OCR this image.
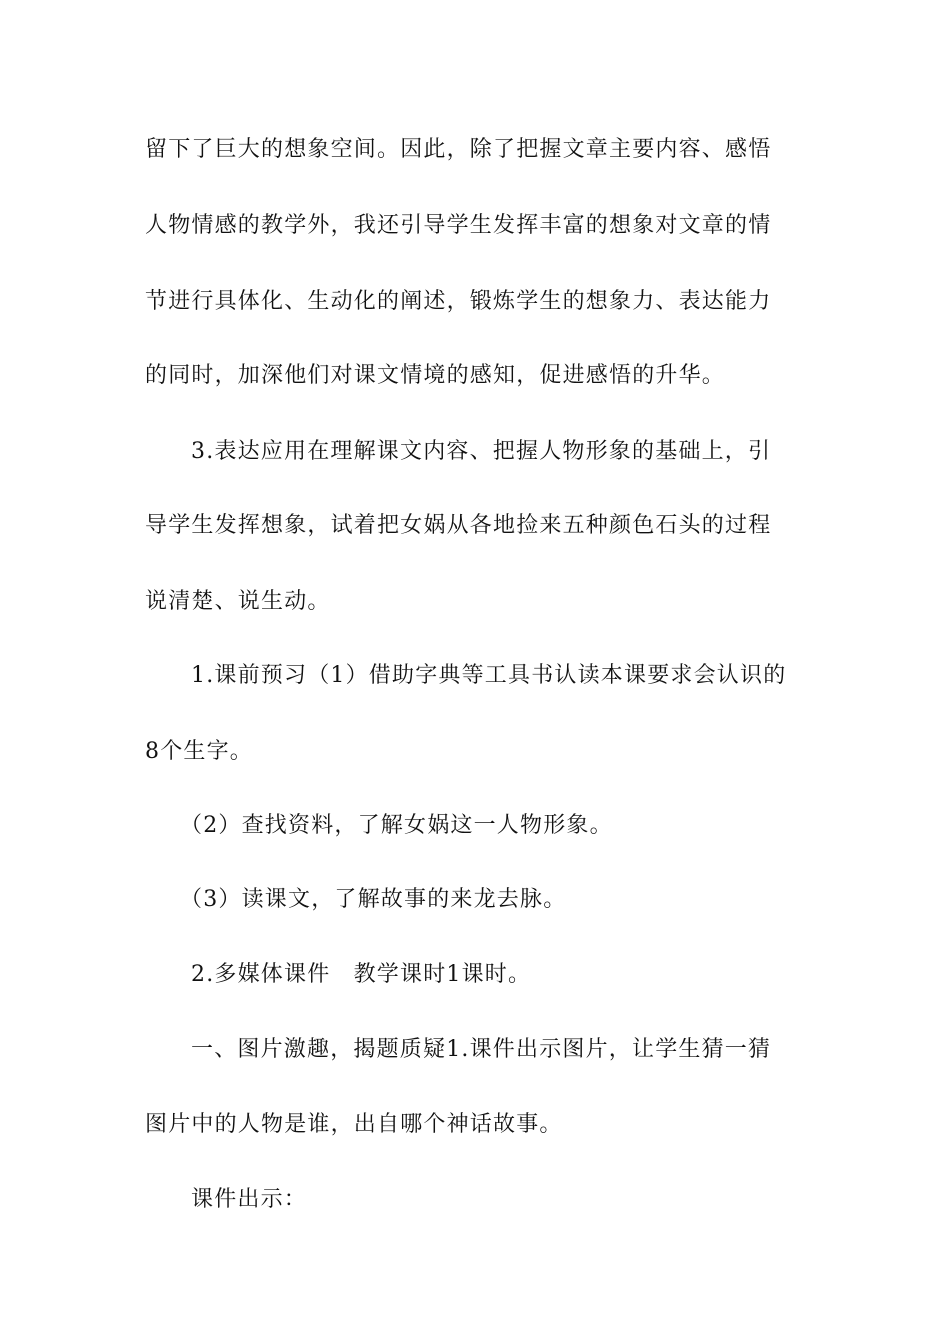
留下了巨大的想象空间。因此，除了把握文章主要内容、感悟
人物情感的教学外，我还引导学生发挥丰富的想象对文章的情
节进行具体化、生动化的阐述，锻炼学生的想象力、表达能力
的同时，加深他们对课文情境的感知，促进感悟的升华。
3.表达应用在理解课文内容、把握人物形象的基础上，引
导学生发挥想象，试着把女娲从各地捡来五种颜色石头的过程
说清楚、说生动。
1.课前预习（1）借助字典等工具书认读本课要求会认识的
8个生字。
（2）查找资料，了解女娲这一人物形象。
（3）读课文，了解故事的来龙去脉。
2.多媒体课件　教学课时1课时。
一、图片激趣，揭题质疑1.课件出示图片，让学生猜一猜
图片中的人物是谁，出自哪个神话故事。
课件出示：
